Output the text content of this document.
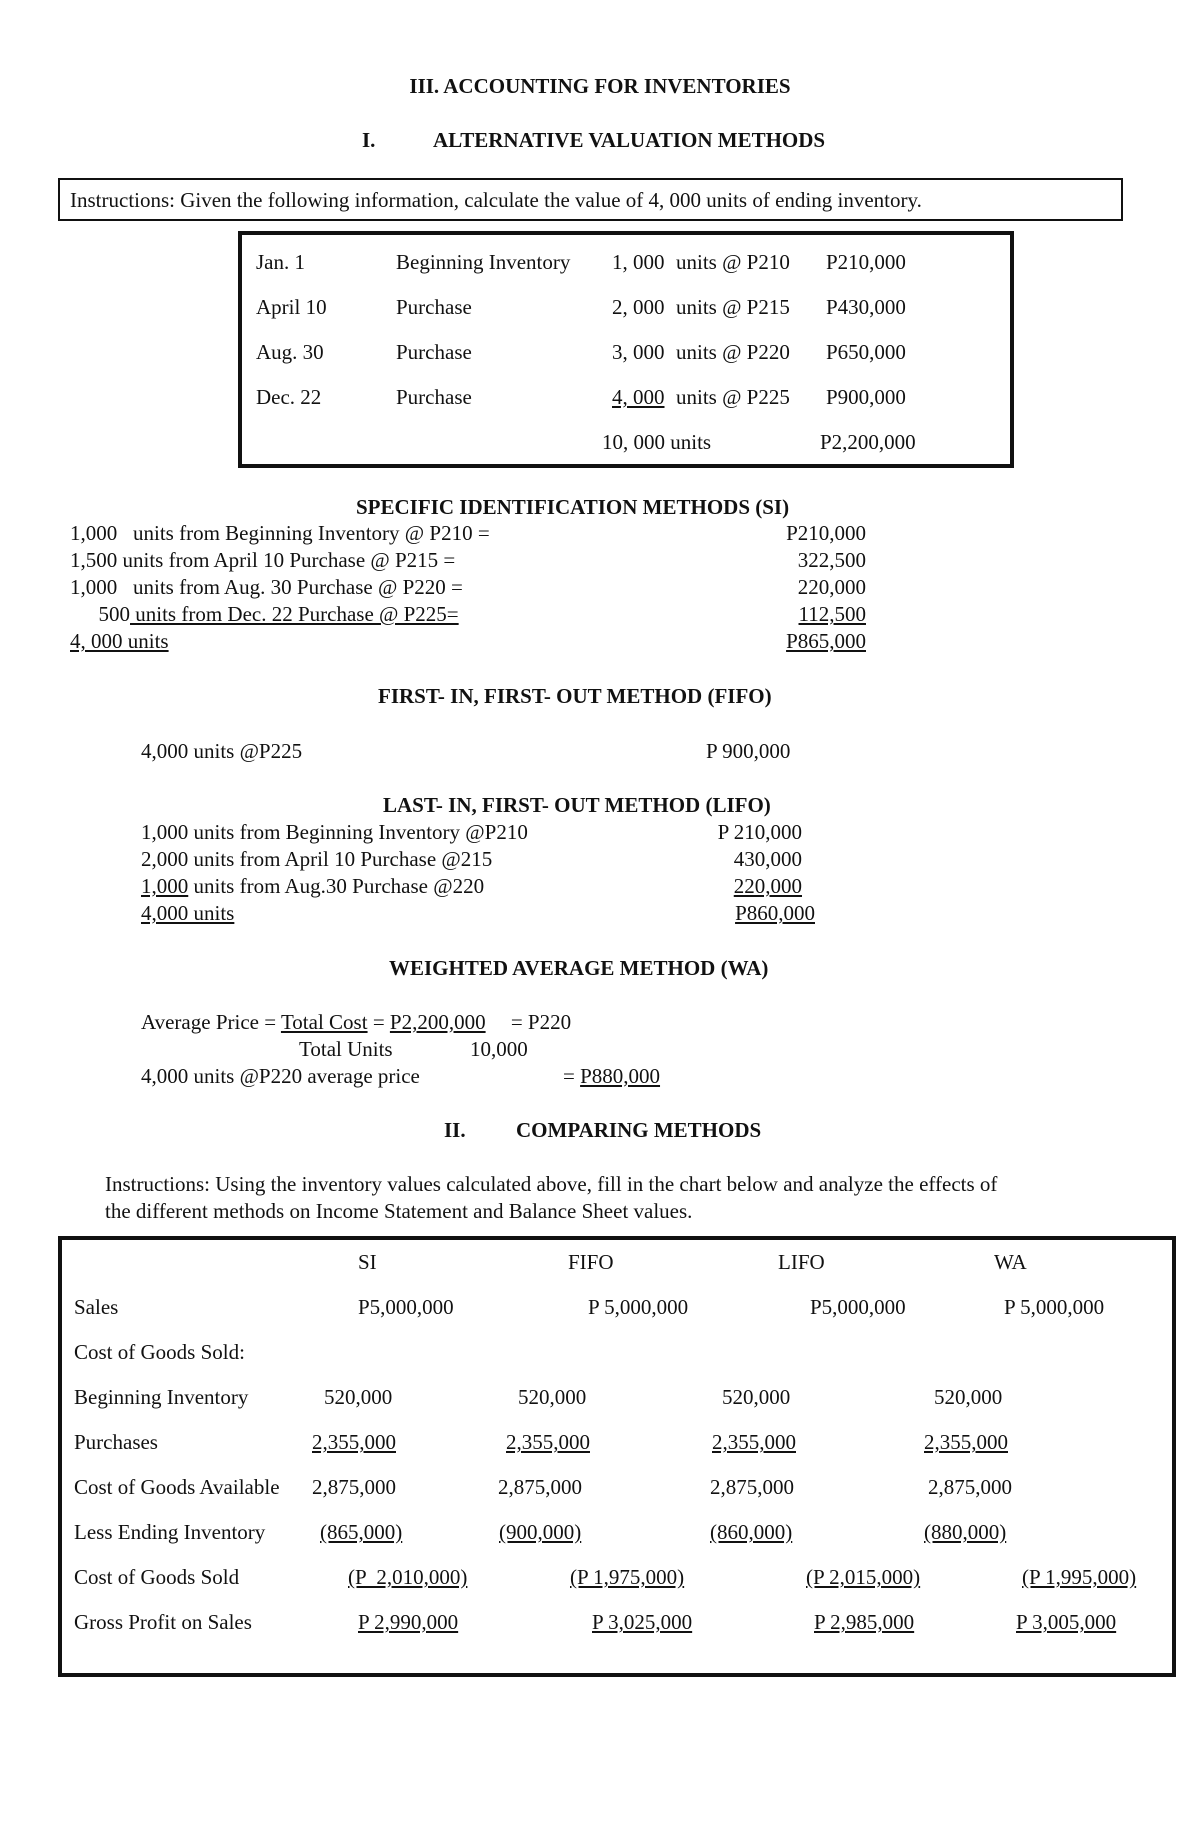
III. ACCOUNTING FOR INVENTORIES
I.	ALTERNATIVE VALUATION METHODS
Instructions: Given the following information, calculate the value of 4, 000 units of ending inventory.
Jan. 1	Beginning Inventory 1, 000 units @ P210 P210,000
April 10	Purchase	2, 000 units @ P215 P430,000
Aug. 30	Purchase	3, 000 units @ P220 P650,000
Dec. 22	Purchase	4, 000 units @ P225 P900,000
10, 000 units	P2,200,000
SPECIFIC IDENTIFICATION METHODS (SI)
1,000   units from Beginning Inventory @ P210 =	P210,000
1,500 units from April 10 Purchase @ P215 =	322,500
1,000   units from Aug. 30 Purchase @ P220 =	220,000
500 units from Dec. 22 Purchase @ P225=	112,500
4, 000 units	P865,000
FIRST- IN, FIRST- OUT METHOD (FIFO)
4,000 units @P225	P 900,000
LAST- IN, FIRST- OUT METHOD (LIFO)
1,000 units from Beginning Inventory @P210	P 210,000
2,000 units from April 10 Purchase @215	430,000
1,000 units from Aug.30 Purchase @220	220,000
4,000 units	P860,000
WEIGHTED AVERAGE METHOD (WA)
Average Price = Total Cost = P2,200,000 = P220
Total Units	10,000
4,000 units @P220 average price	= P880,000
II. COMPARING METHODS
Instructions: Using the inventory values calculated above, fill in the chart below and analyze the effects of
the different methods on Income Statement and Balance Sheet values.
SI	FIFO	LIFO	WA
Sales	P5,000,000	P 5,000,000	P5,000,000	P 5,000,000
Cost of Goods Sold:
Beginning Inventory	520,000	520,000	520,000	520,000
Purchases	2,355,000	2,355,000	2,355,000	2,355,000
Cost of Goods Available 2,875,000	2,875,000	2,875,000	2,875,000
Less Ending Inventory	(865,000)	(900,000)	(860,000)	(880,000)
Cost of Goods Sold	(P  2,010,000)	(P 1,975,000)	(P 2,015,000)	(P 1,995,000)
Gross Profit on Sales	P 2,990,000	P 3,025,000	P 2,985,000	P 3,005,000
